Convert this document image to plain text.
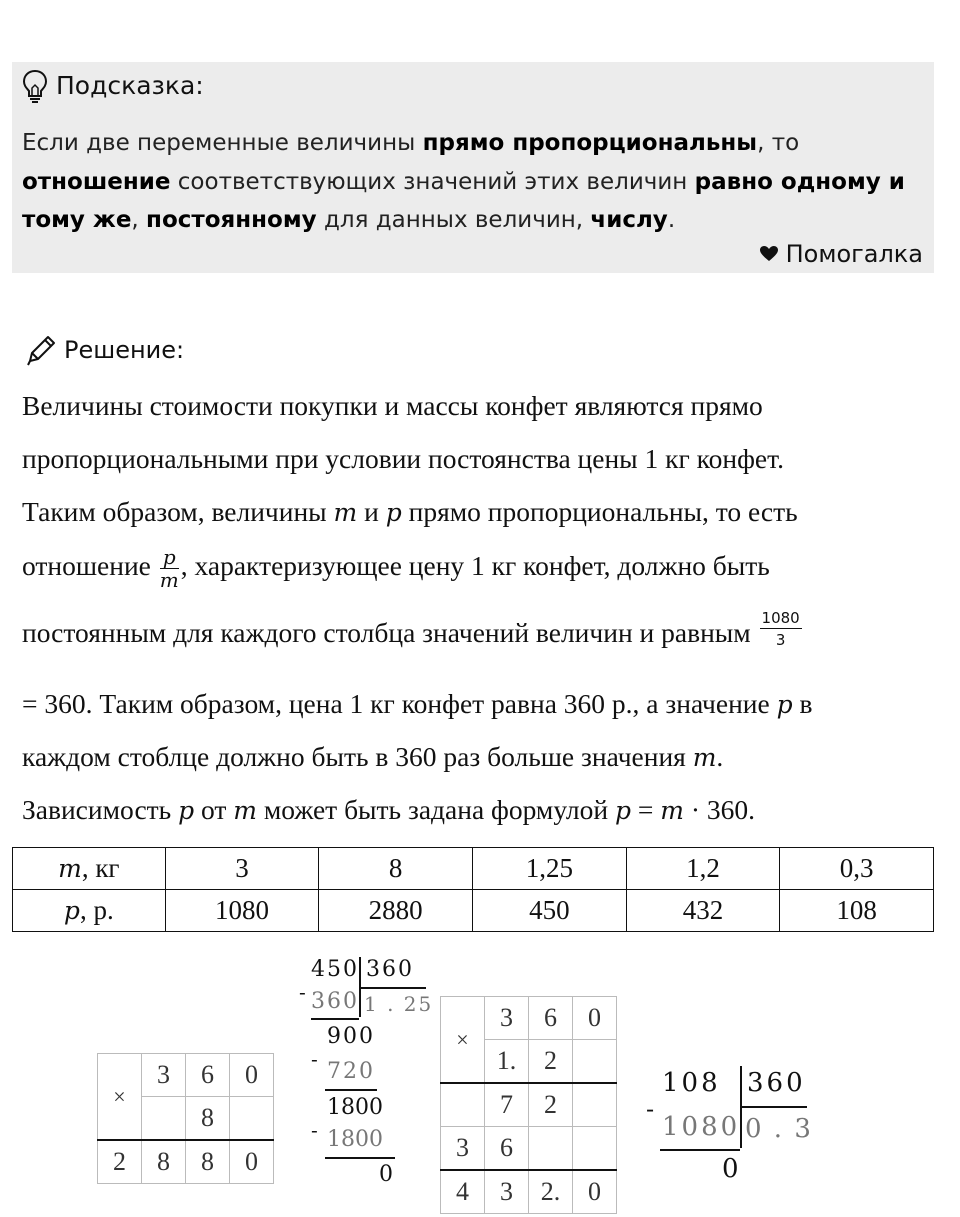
Подсказка:
Если две переменные величины прямо пропорциональны, то отношение соответствующих значений этих величин равно одному и тому же, постоянному для данных величин, числу.
Помогалка
Решение:
Величины стоимости покупки и массы конфет являются прямо
пропорциональными при условии постоянства цены 1 кг конфет.
Таким образом, величины m и p прямо пропорциональны, то есть
отношение $\frac{p}{m}$ , характеризующее цену 1 кг конфет, должно быть
постоянным для каждого столбца значений величин и равным $\frac{1080}{3}$
= 360. Таким образом, цена 1 кг конфет равна 360 р., а значение p в
каждом стоблце должно быть в 360 раз больше значения m.
Зависимость p от m может быть задана формулой p = m · 360.
m, кг	3	8	1,25	1,2	0,3
p, р.	1080	2880	450	432	108
×	3	6	0
		8	
2	8	8	0
450 360
- 360 1 . 25
900
- 720
1800
- 1800
0
×	3	6	0
	1.	2	
	7	2	
3	6		
4	3	2.	0
108 360
-
1080 0 . 3
0
